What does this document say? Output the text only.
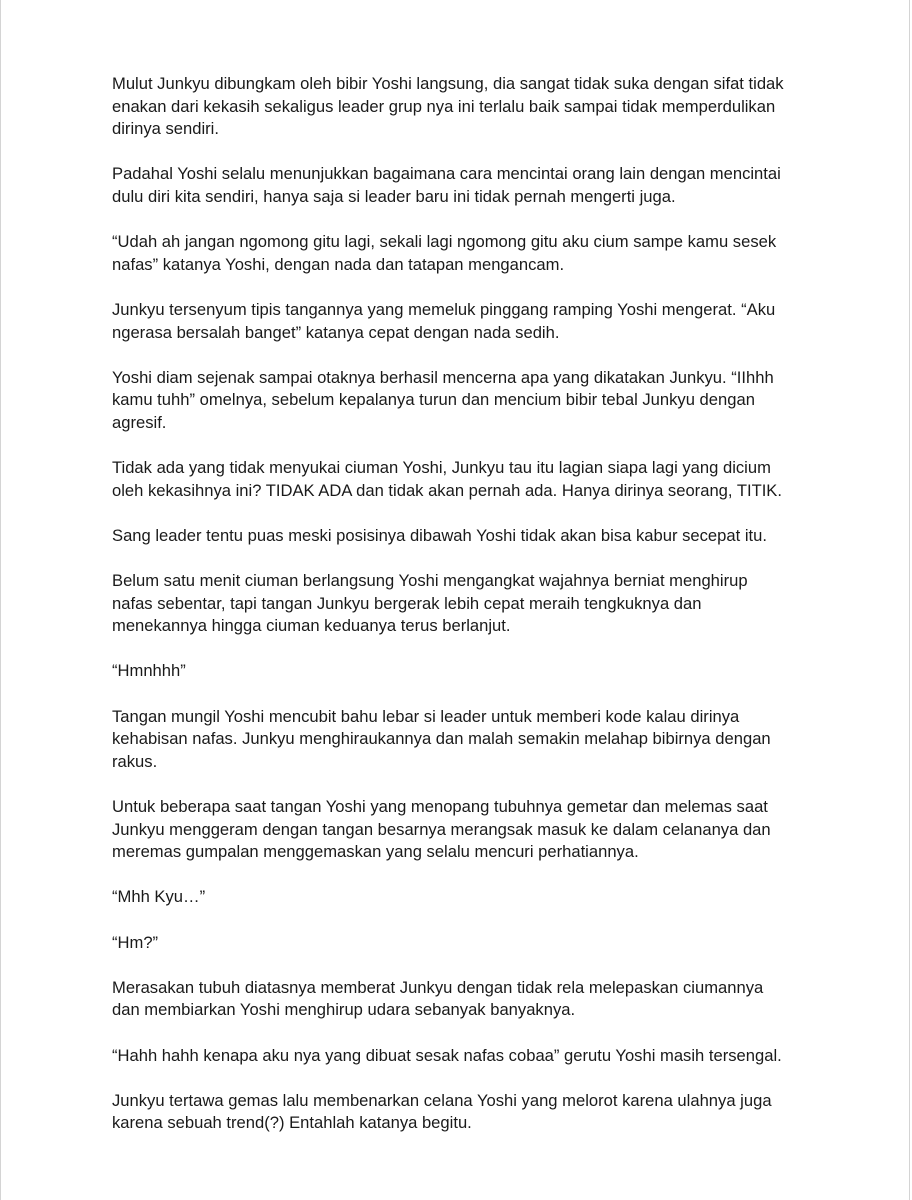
Mulut Junkyu dibungkam oleh bibir Yoshi langsung, dia sangat tidak suka dengan sifat tidak
enakan dari kekasih sekaligus leader grup nya ini terlalu baik sampai tidak memperdulikan
dirinya sendiri.

Padahal Yoshi selalu menunjukkan bagaimana cara mencintai orang lain dengan mencintai
dulu diri kita sendiri, hanya saja si leader baru ini tidak pernah mengerti juga.

“Udah ah jangan ngomong gitu lagi, sekali lagi ngomong gitu aku cium sampe kamu sesek
nafas” katanya Yoshi, dengan nada dan tatapan mengancam.

Junkyu tersenyum tipis tangannya yang memeluk pinggang ramping Yoshi mengerat. “Aku
ngerasa bersalah banget” katanya cepat dengan nada sedih.

Yoshi diam sejenak sampai otaknya berhasil mencerna apa yang dikatakan Junkyu. “IIhhh
kamu tuhh” omelnya, sebelum kepalanya turun dan mencium bibir tebal Junkyu dengan
agresif.

Tidak ada yang tidak menyukai ciuman Yoshi, Junkyu tau itu lagian siapa lagi yang dicium
oleh kekasihnya ini? TIDAK ADA dan tidak akan pernah ada. Hanya dirinya seorang, TITIK.

Sang leader tentu puas meski posisinya dibawah Yoshi tidak akan bisa kabur secepat itu.

Belum satu menit ciuman berlangsung Yoshi mengangkat wajahnya berniat menghirup
nafas sebentar, tapi tangan Junkyu bergerak lebih cepat meraih tengkuknya dan
menekannya hingga ciuman keduanya terus berlanjut.

“Hmnhhh”

Tangan mungil Yoshi mencubit bahu lebar si leader untuk memberi kode kalau dirinya
kehabisan nafas. Junkyu menghiraukannya dan malah semakin melahap bibirnya dengan
rakus.

Untuk beberapa saat tangan Yoshi yang menopang tubuhnya gemetar dan melemas saat
Junkyu menggeram dengan tangan besarnya merangsak masuk ke dalam celananya dan
meremas gumpalan menggemaskan yang selalu mencuri perhatiannya.

“Mhh Kyu…”

“Hm?”

Merasakan tubuh diatasnya memberat Junkyu dengan tidak rela melepaskan ciumannya
dan membiarkan Yoshi menghirup udara sebanyak banyaknya.

“Hahh hahh kenapa aku nya yang dibuat sesak nafas cobaa” gerutu Yoshi masih tersengal.

Junkyu tertawa gemas lalu membenarkan celana Yoshi yang melorot karena ulahnya juga
karena sebuah trend(?) Entahlah katanya begitu.
